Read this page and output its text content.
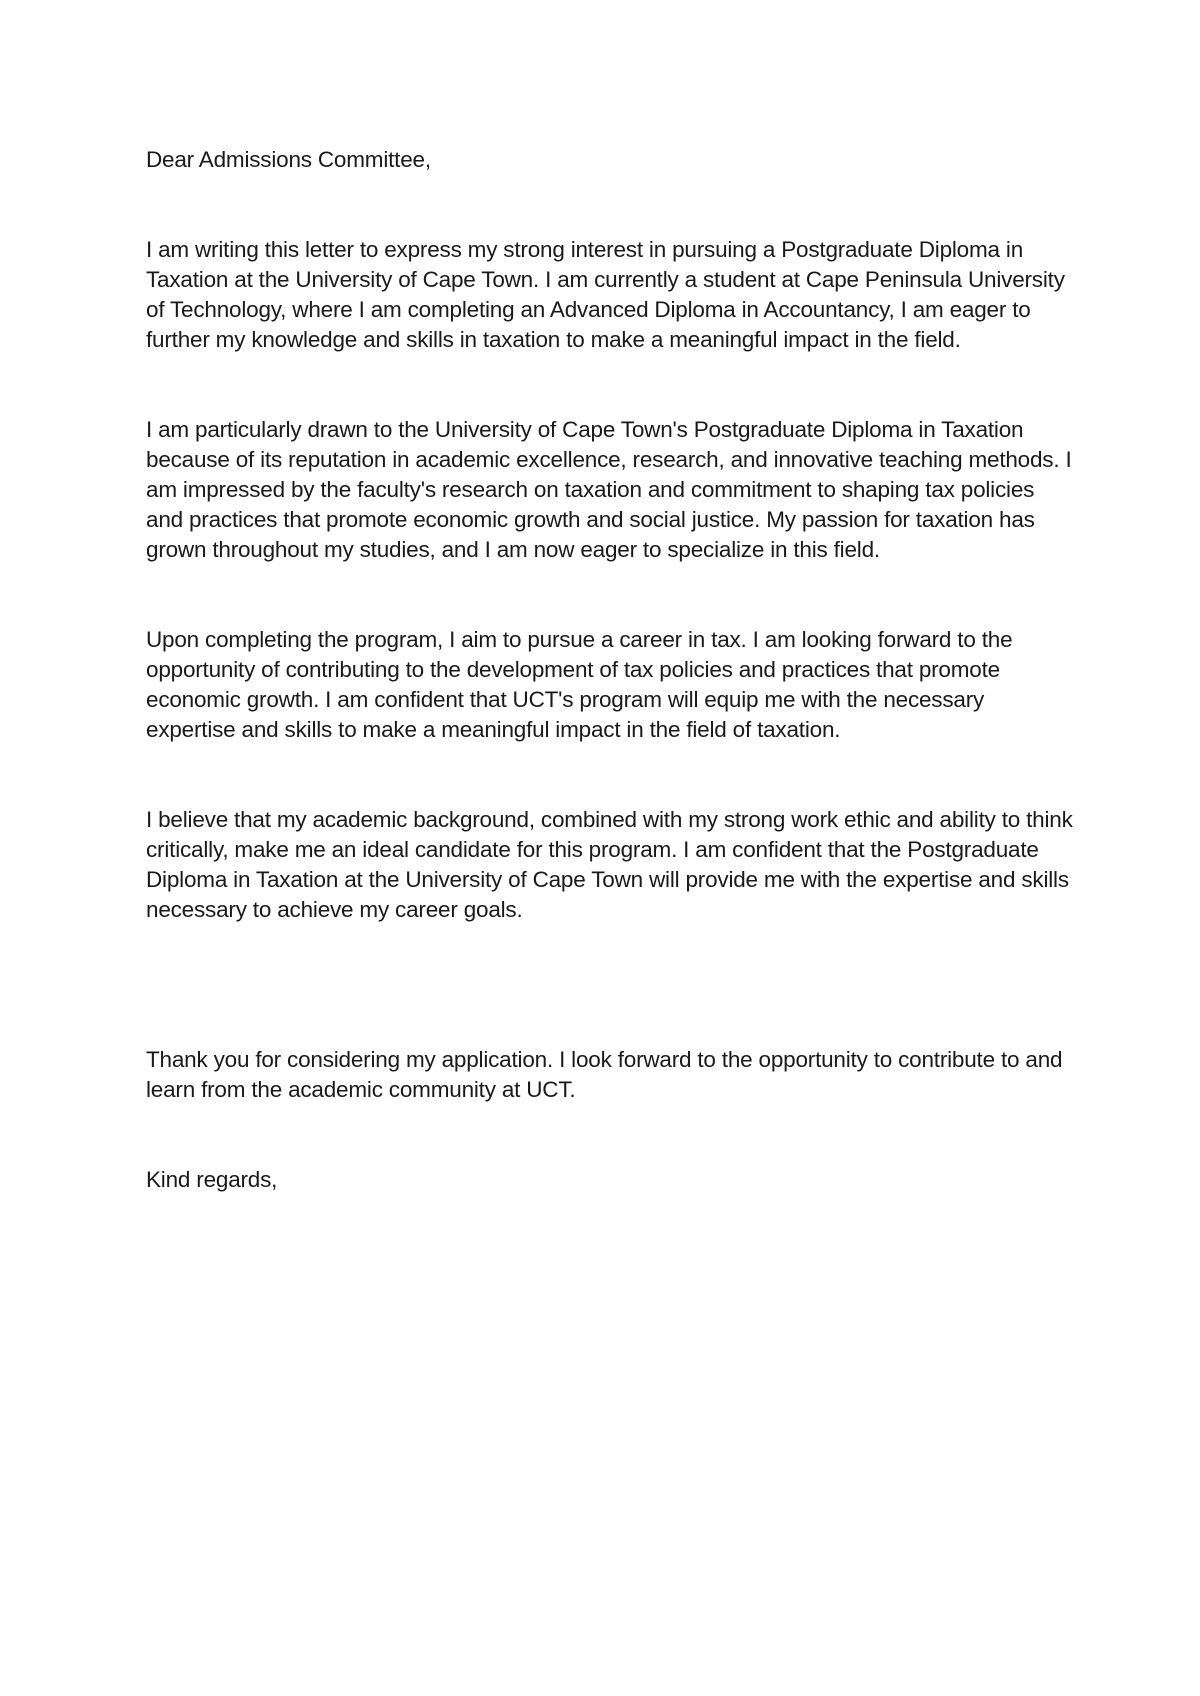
Dear Admissions Committee,

I am writing this letter to express my strong interest in pursuing a Postgraduate Diploma in Taxation at the University of Cape Town. I am currently a student at Cape Peninsula University of Technology, where I am completing an Advanced Diploma in Accountancy, I am eager to further my knowledge and skills in taxation to make a meaningful impact in the field.

I am particularly drawn to the University of Cape Town's Postgraduate Diploma in Taxation because of its reputation in academic excellence, research, and innovative teaching methods. I am impressed by the faculty's research on taxation and commitment to shaping tax policies and practices that promote economic growth and social justice. My passion for taxation has grown throughout my studies, and I am now eager to specialize in this field.

Upon completing the program, I aim to pursue a career in tax. I am looking forward to the opportunity of contributing to the development of tax policies and practices that promote economic growth. I am confident that UCT's program will equip me with the necessary expertise and skills to make a meaningful impact in the field of taxation.

I believe that my academic background, combined with my strong work ethic and ability to think critically, make me an ideal candidate for this program. I am confident that the Postgraduate Diploma in Taxation at the University of Cape Town will provide me with the expertise and skills necessary to achieve my career goals.

Thank you for considering my application. I look forward to the opportunity to contribute to and learn from the academic community at UCT.

Kind regards,
